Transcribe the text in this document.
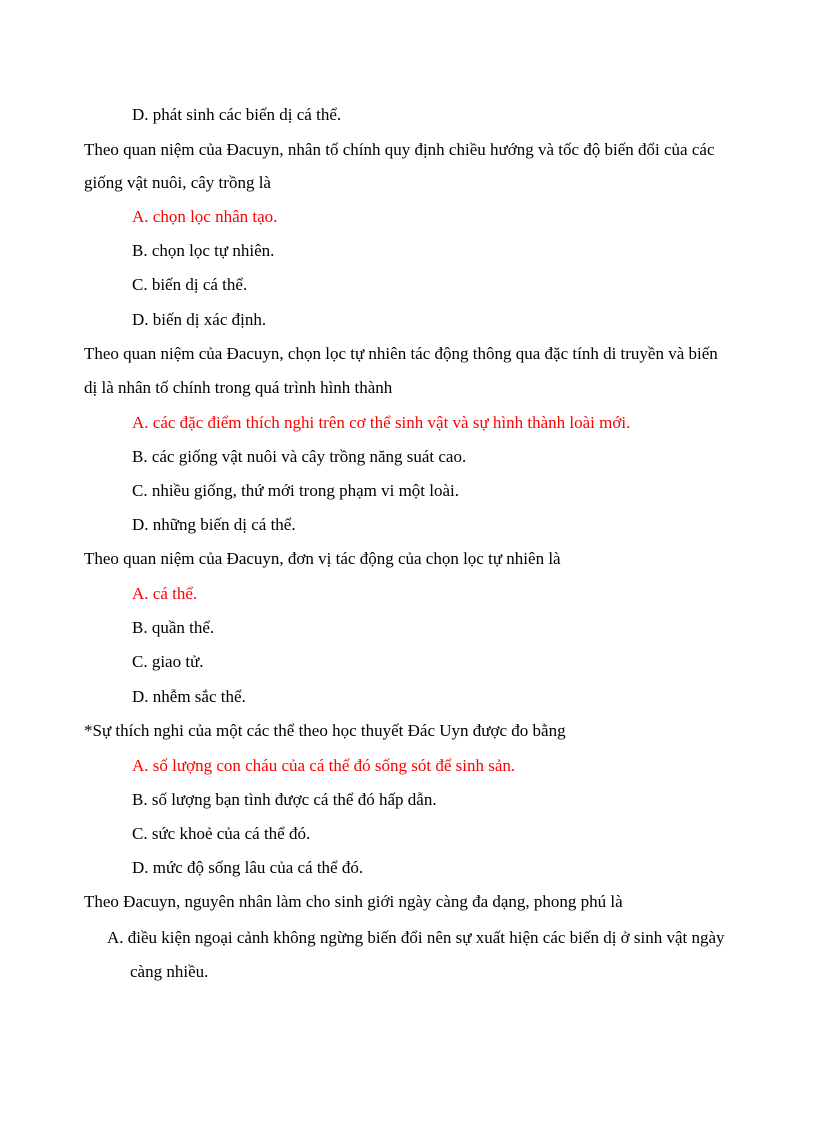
D. phát sinh các biến dị cá thể.
Theo quan niệm của Đacuyn, nhân tố chính quy định chiều hướng và tốc độ biến đổi của các
giống vật nuôi, cây trồng là
A. chọn lọc nhân tạo.
B. chọn lọc tự nhiên.
C. biến dị cá thể.
D. biến dị xác định.
Theo quan niệm của Đacuyn, chọn lọc tự nhiên tác động thông qua đặc tính di truyền và biến
dị là nhân tố chính trong quá trình hình thành
A. các đặc điểm thích nghi trên cơ thể sinh vật và sự hình thành loài mới.
B. các giống vật nuôi và cây trồng năng suát cao.
C. nhiều giống, thứ mới trong phạm vi một loài.
D. những biến dị cá thể.
Theo quan niệm của Đacuyn, đơn vị tác động của chọn lọc tự nhiên là
A. cá thể.
B. quần thể.
C. giao tử.
D. nhễm sắc thể.
*Sự thích nghi của một các thể theo học thuyết Đác Uyn được đo bằng
A. số lượng con cháu của cá thể đó sống sót để sinh sản.
B. số lượng bạn tình được cá thể đó hấp dẫn.
C. sức khoẻ của cá thể đó.
D. mức độ sống lâu của cá thể đó.
Theo Đacuyn, nguyên nhân làm cho sinh giới ngày càng đa dạng, phong phú là
A. điều kiện ngoại cảnh không ngừng biến đổi nên sự xuất hiện các biến dị ở sinh vật ngày
càng nhiều.
